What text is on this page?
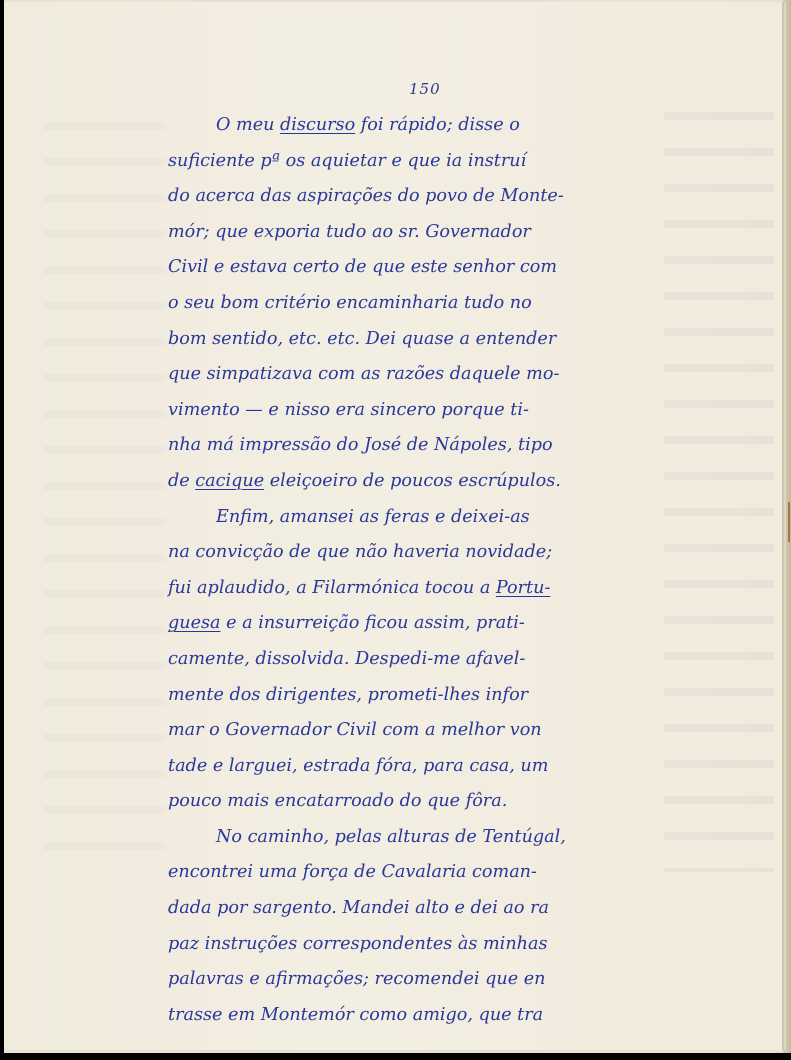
150
O meu discurso foi rápido; disse o
suficiente pª os aquietar e que ia instruí
do acerca das aspirações do povo de Monte-
mór; que exporia tudo ao sr. Governador
Civil e estava certo de que este senhor com
o seu bom critério encaminharia tudo no
bom sentido, etc. etc. Dei quase a entender
que simpatizava com as razões daquele mo-
vimento — e nisso era sincero porque ti-
nha má impressão do José de Nápoles, tipo
de cacique eleiçoeiro de poucos escrúpulos.
Enfim, amansei as feras e deixei-as
na convicção de que não haveria novidade;
fui aplaudido, a Filarmónica tocou a Portu-
guesa e a insurreição ficou assim, prati-
camente, dissolvida. Despedi-me afavel-
mente dos dirigentes, prometi-lhes infor
mar o Governador Civil com a melhor von
tade e larguei, estrada fóra, para casa, um
pouco mais encatarroado do que fôra.
No caminho, pelas alturas de Tentúgal,
encontrei uma força de Cavalaria coman-
dada por sargento. Mandei alto e dei ao ra
paz instruções correspondentes às minhas
palavras e afirmações; recomendei que en
trasse em Montemór como amigo, que tra
